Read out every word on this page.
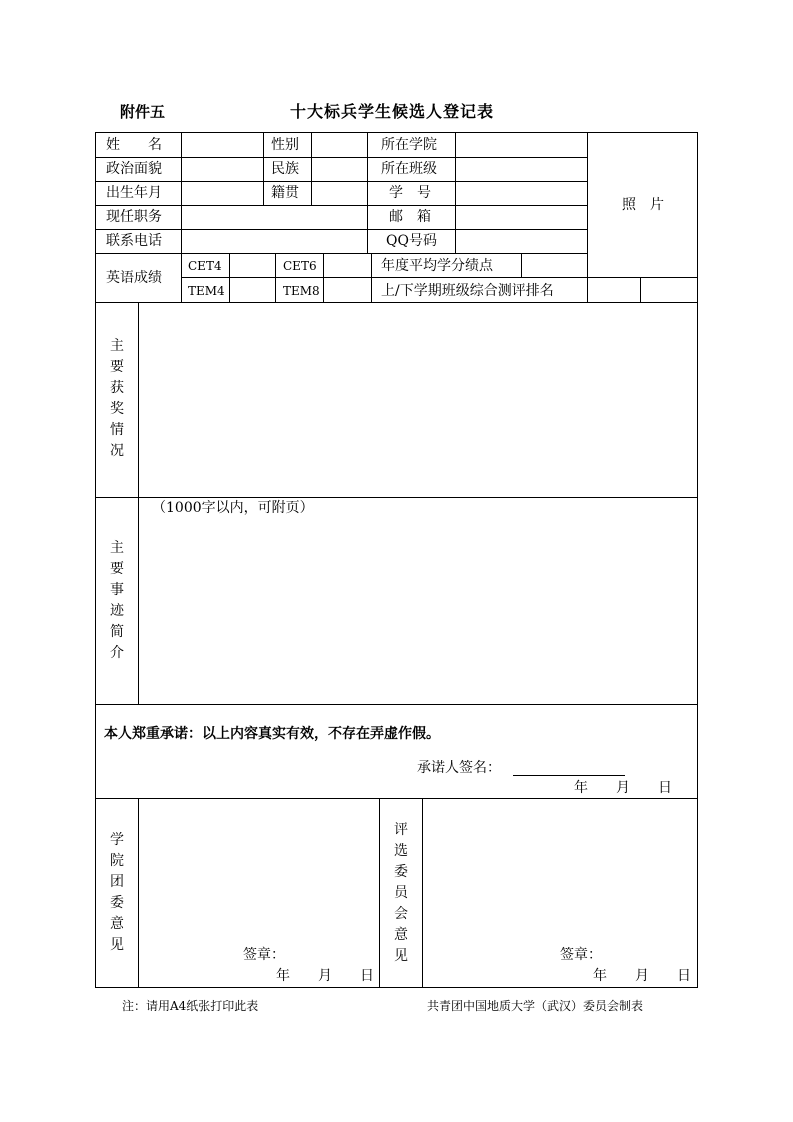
附件五	十大标兵学生候选人登记表
姓　　名	性别	所在学院
政治面貌	民族	所在班级
出生年月	籍贯	学　号
现任职务	邮　箱
联系电话	QQ号码
照　片
英语成绩
CET4	CET6	年度平均学分绩点
TEM4	TEM8	上/下学期班级综合测评排名
主要获奖情况
（1000字以内，可附页）
主要事迹简介
本人郑重承诺：以上内容真实有效，不存在弄虚作假。
承诺人签名：
年　　月　　日
学院团委意见
签章：
年　　月　　日
评选委员会意见	签章：
年　　月　　日
注：请用A4纸张打印此表	共青团中国地质大学（武汉）委员会制表
